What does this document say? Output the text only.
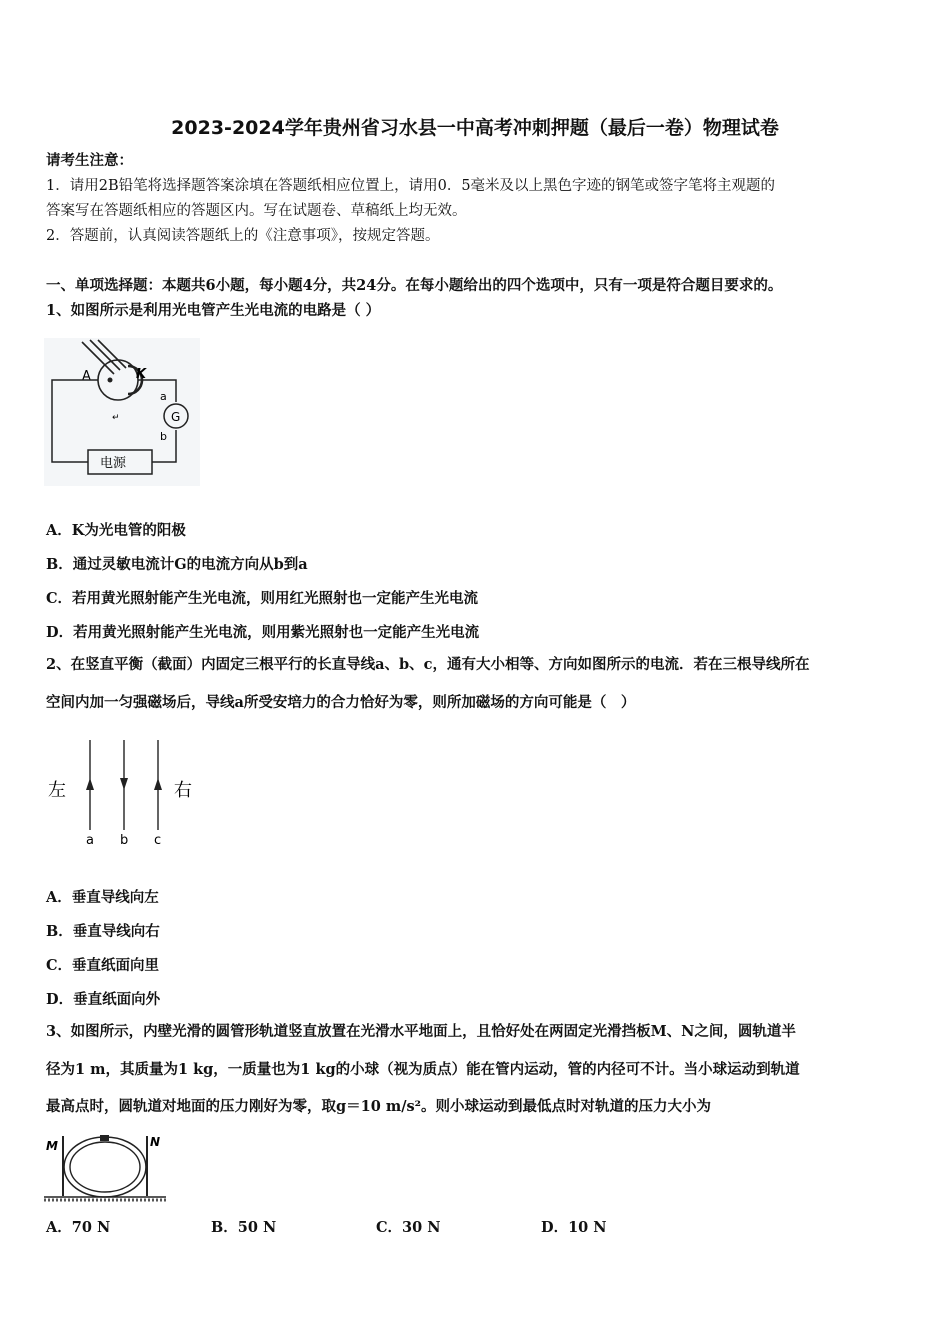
2023-2024学年贵州省习水县一中高考冲刺押题（最后一卷）物理试卷
请考生注意：
1．请用2B铅笔将选择题答案涂填在答题纸相应位置上，请用0．5毫米及以上黑色字迹的钢笔或签字笔将主观题的
答案写在答题纸相应的答题区内。写在试题卷、草稿纸上均无效。
2．答题前，认真阅读答题纸上的《注意事项》，按规定答题。
一、单项选择题：本题共6小题，每小题4分，共24分。在每小题给出的四个选项中，只有一项是符合题目要求的。
1、如图所示是利用光电管产生光电流的电路是（ ）
A	K
↵	G
a
b
电源
A．K为光电管的阳极
B．通过灵敏电流计G的电流方向从b到a
C．若用黄光照射能产生光电流，则用红光照射也一定能产生光电流
D．若用黄光照射能产生光电流，则用紫光照射也一定能产生光电流
2、在竖直平衡（截面）内固定三根平行的长直导线a、b、c，通有大小相等、方向如图所示的电流．若在三根导线所在
空间内加一匀强磁场后，导线a所受安培力的合力恰好为零，则所加磁场的方向可能是（　）
左	右
a b c
A．垂直导线向左
B．垂直导线向右
C．垂直纸面向里
D．垂直纸面向外
3、如图所示，内壁光滑的圆管形轨道竖直放置在光滑水平地面上，且恰好处在两固定光滑挡板M、N之间，圆轨道半
径为1 m，其质量为1 kg，一质量也为1 kg的小球（视为质点）能在管内运动，管的内径可不计。当小球运动到轨道
最高点时，圆轨道对地面的压力刚好为零，取g＝10 m/s²。则小球运动到最低点时对轨道的压力大小为
M	N
A．70 N	B．50 N	C．30 N	D．10 N
